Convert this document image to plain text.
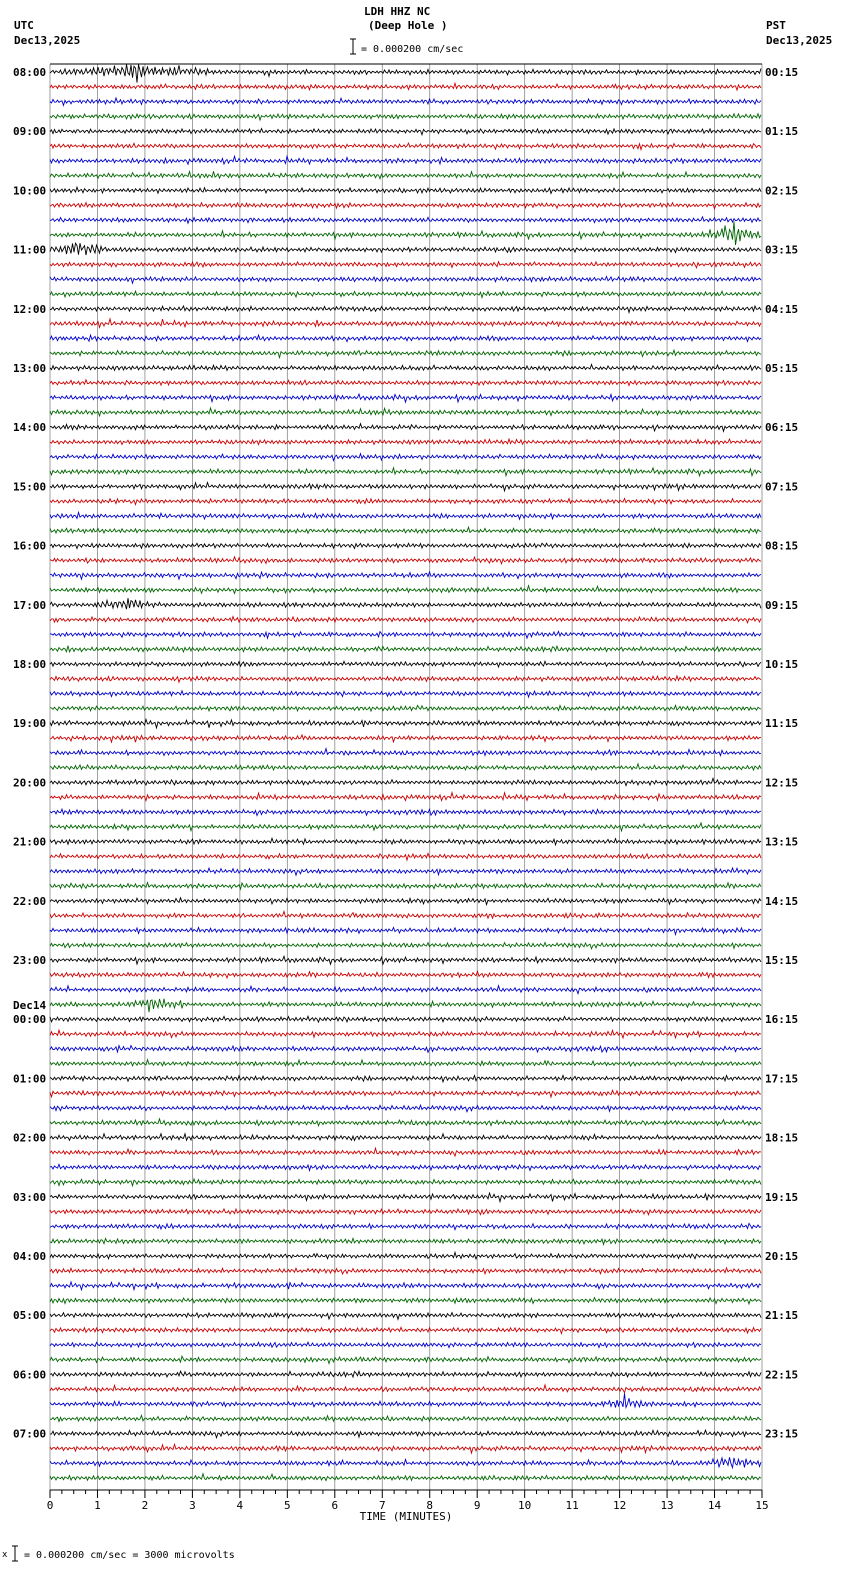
LDH HHZ NC
(Deep Hole )
UTC
Dec13,2025
PST
Dec13,2025
= 0.000200 cm/sec
x = 0.000200 cm/sec = 3000 microvolts
0	1	2	3	4	5	6	7	8	9	10	11	12	13	14	15
TIME (MINUTES)
08:00
09:00
10:00
11:00
12:00
13:00
14:00
15:00
16:00
17:00
18:00
19:00
20:00
21:00
22:00
23:00
00:00
Dec14
01:00
02:00
03:00
04:00
05:00
06:00
07:00
00:15
01:15
02:15
03:15
04:15
05:15
06:15
07:15
08:15
09:15
10:15
11:15
12:15
13:15
14:15
15:15
16:15
17:15
18:15
19:15
20:15
21:15
22:15
23:15
